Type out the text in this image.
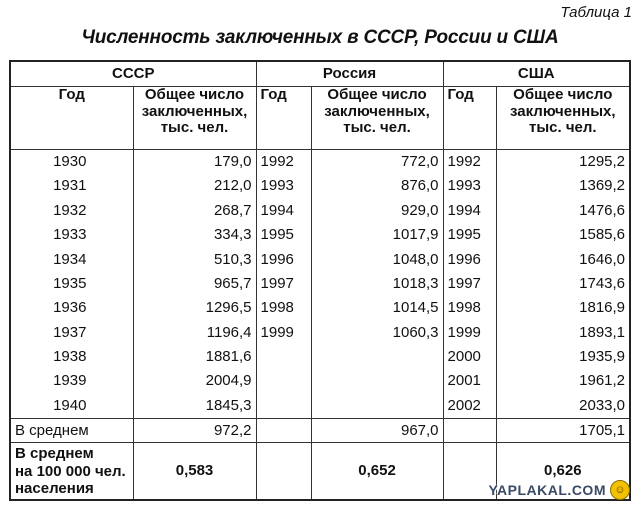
Таблица 1
Численность заключенных в СССР, России и США
СССР		Россия		США	
Год	Общее число
заключенных,
тыс. чел.	Год	Общее число
заключенных,
тыс. чел.	Год	Общее число
заключенных,
тыс. чел.

1930	179,0	1992	772,0	1992	1295,2
1931	212,0	1993	876,0	1993	1369,2
1932	268,7	1994	929,0	1994	1476,6
1933	334,3	1995	1017,9	1995	1585,6
1934	510,3	1996	1048,0	1996	1646,0
1935	965,7	1997	1018,3	1997	1743,6
1936	1296,5	1998	1014,5	1998	1816,9
1937	1196,4	1999	1060,3	1999	1893,1
1938	1881,6			2000	1935,9
1939	2004,9			2001	1961,2
1940	1845,3			2002	2033,0
В среднем	972,2		967,0		1705,1

В среднем
на 100 000 чел.
населения	0,583		0,652		0,626
YAPLAKAL.COM ☺
